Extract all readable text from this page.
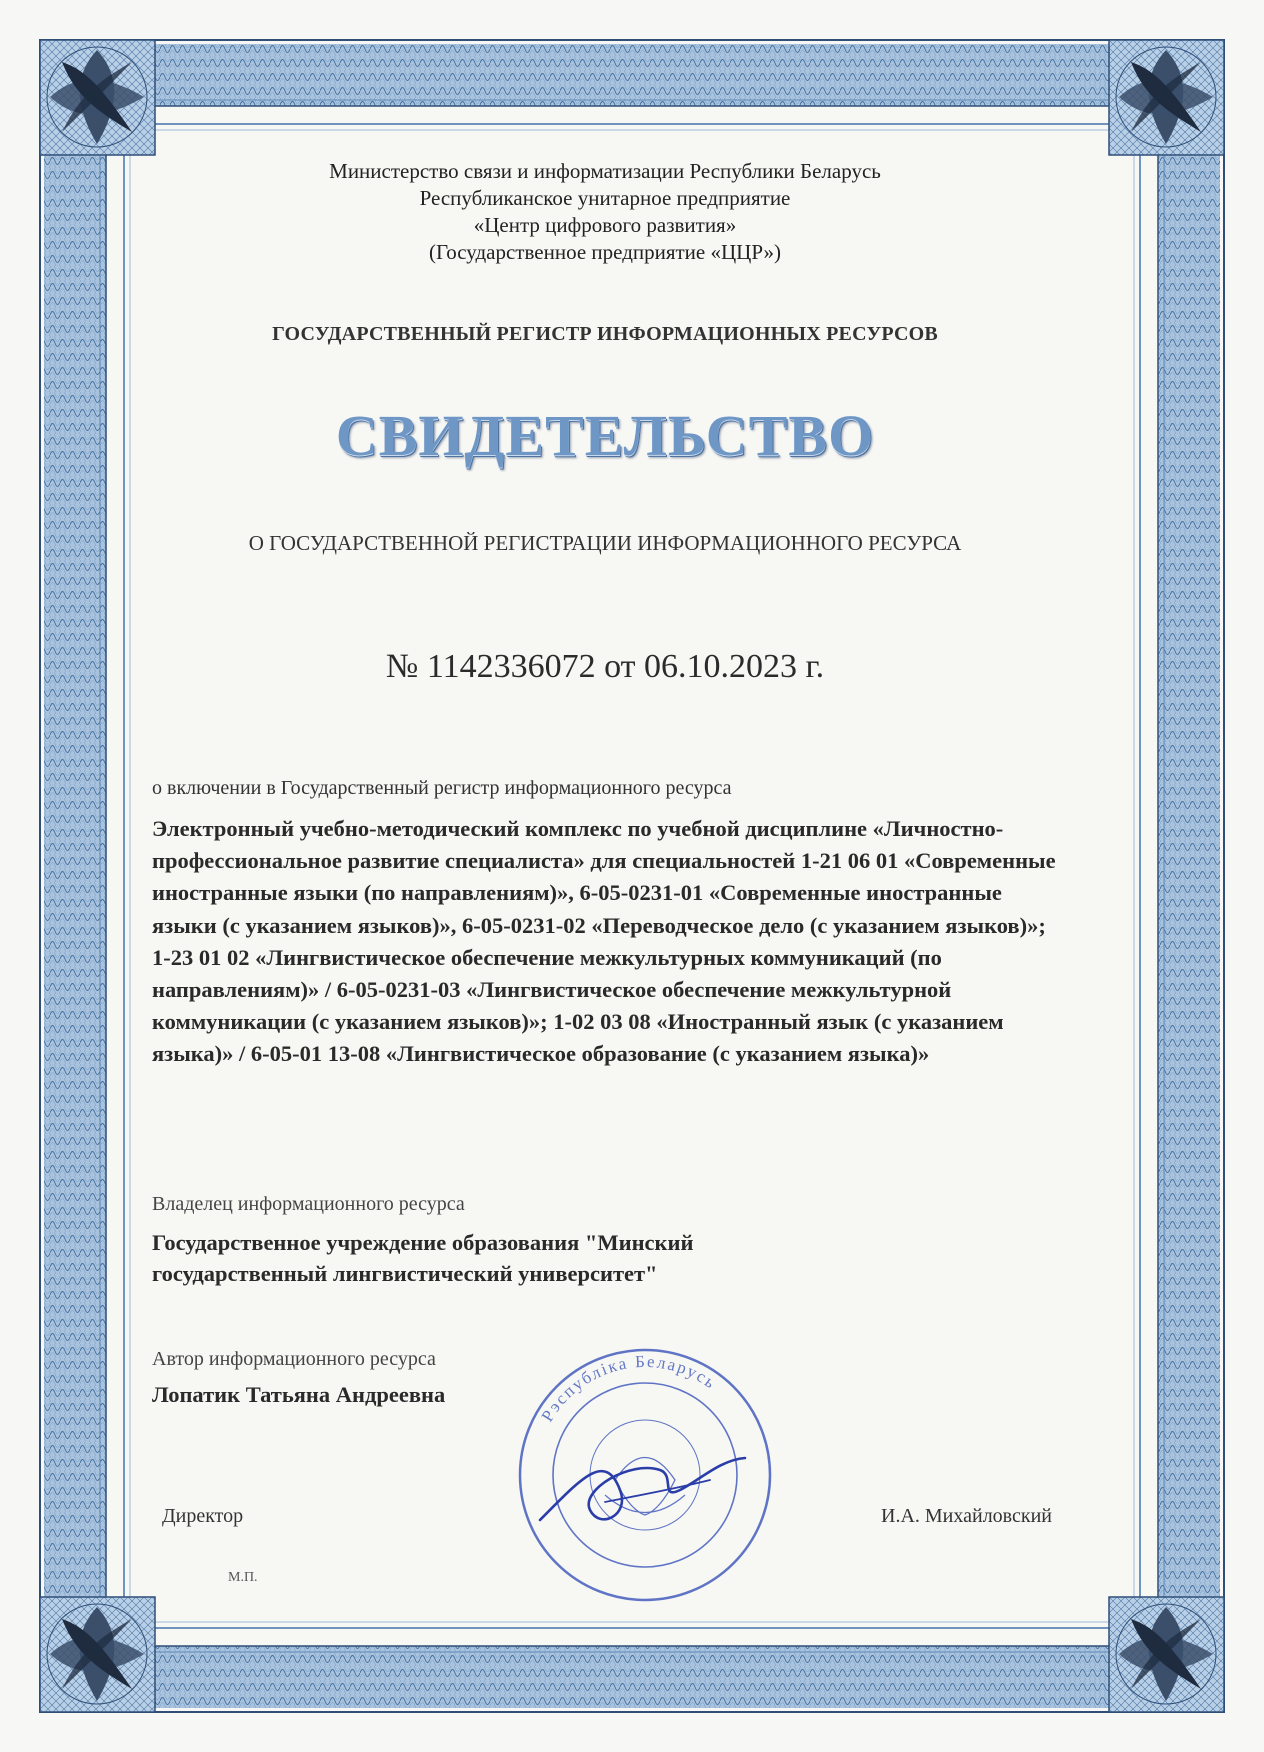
Министерство связи и информатизации Республики Беларусь

Республиканское унитарное предприятие

«Центр цифрового развития»

(Государственное предприятие «ЦЦР»)

ГОСУДАРСТВЕННЫЙ РЕГИСТР ИНФОРМАЦИОННЫХ РЕСУРСОВ

СВИДЕТЕЛЬСТВО

О ГОСУДАРСТВЕННОЙ РЕГИСТРАЦИИ ИНФОРМАЦИОННОГО РЕСУРСА

№ 1142336072 от 06.10.2023 г.

о включении в Государственный регистр информационного ресурса

Электронный учебно-методический комплекс по учебной дисциплине «Личностно-профессиональное развитие специалиста» для специальностей 1-21 06 01 «Современные иностранные языки (по направлениям)», 6-05-0231-01 «Современные иностранные языки (с указанием языков)», 6-05-0231-02 «Переводческое дело (с указанием языков)»; 1-23 01 02 «Лингвистическое обеспечение межкультурных коммуникаций (по направлениям)» / 6-05-0231-03 «Лингвистическое обеспечение межкультурной коммуникации (с указанием языков)»; 1-02 03 08 «Иностранный язык (с указанием языка)» / 6-05-01 13-08 «Лингвистическое образование (с указанием языка)»

Владелец информационного ресурса

Государственное учреждение образования "Минский государственный лингвистический университет"

Автор информационного ресурса

Лопатик Татьяна Андреевна

Рэспубліка Беларусь

Директор	И.А. Михайловский

М.П.
